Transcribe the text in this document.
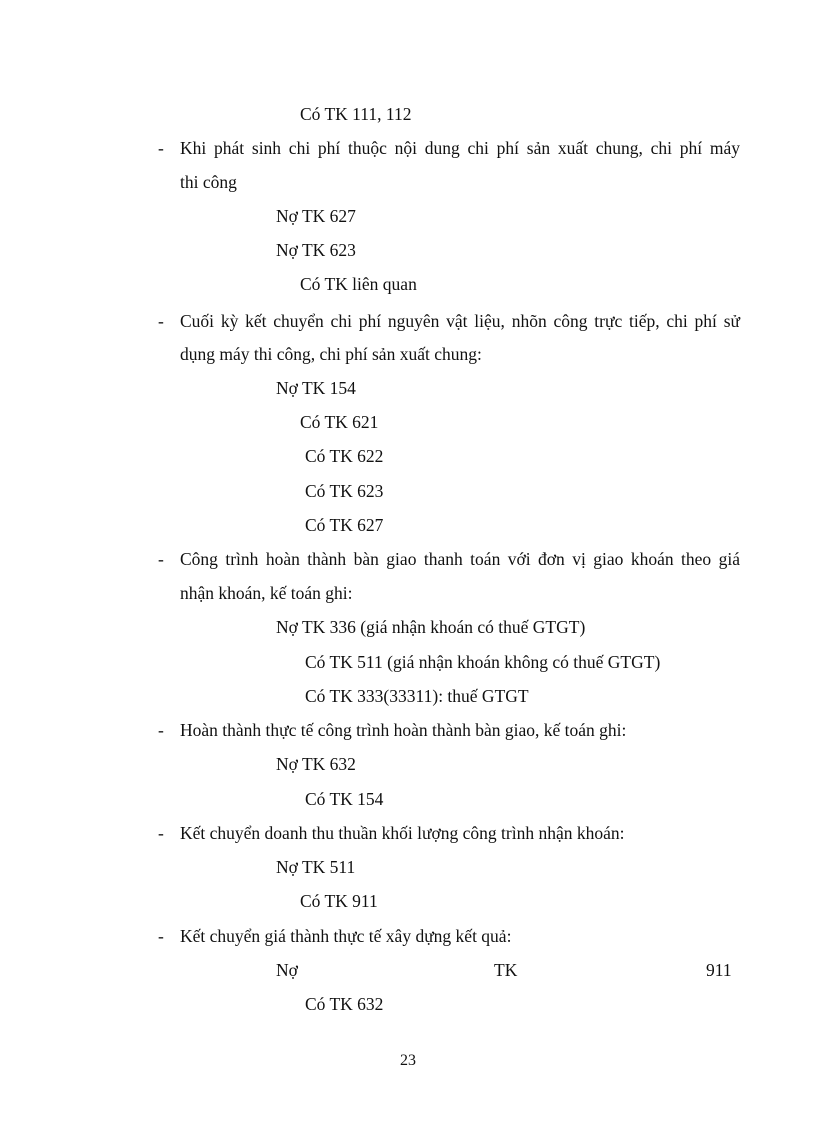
Có TK 111, 112
- Khi phát sinh chi phí thuộc nội dung chi phí sản xuất chung, chi phí máy
thi công
Nợ TK 627
Nợ TK 623
Có TK liên quan
- Cuối kỳ kết chuyển chi phí nguyên vật liệu, nhõn công trực tiếp, chi phí sử
dụng máy thi công, chi phí sản xuất chung:
Nợ TK 154
Có TK 621
Có TK 622
Có TK 623
Có TK 627
- Công trình hoàn thành bàn giao thanh toán với đơn vị giao khoán theo giá
nhận khoán, kế toán ghi:
Nợ TK 336 (giá nhận khoán có thuế GTGT)
Có TK 511 (giá nhận khoán không có thuế GTGT)
Có TK 333(33311): thuế GTGT
- Hoàn thành thực tế công trình hoàn thành bàn giao, kế toán ghi:
Nợ TK 632
Có TK 154
- Kết chuyển doanh thu thuần khối lượng công trình nhận khoán:
Nợ TK 511
Có TK 911
- Kết chuyển giá thành thực tế xây dựng kết quả:
Nợ	TK	911
Có TK 632
23
